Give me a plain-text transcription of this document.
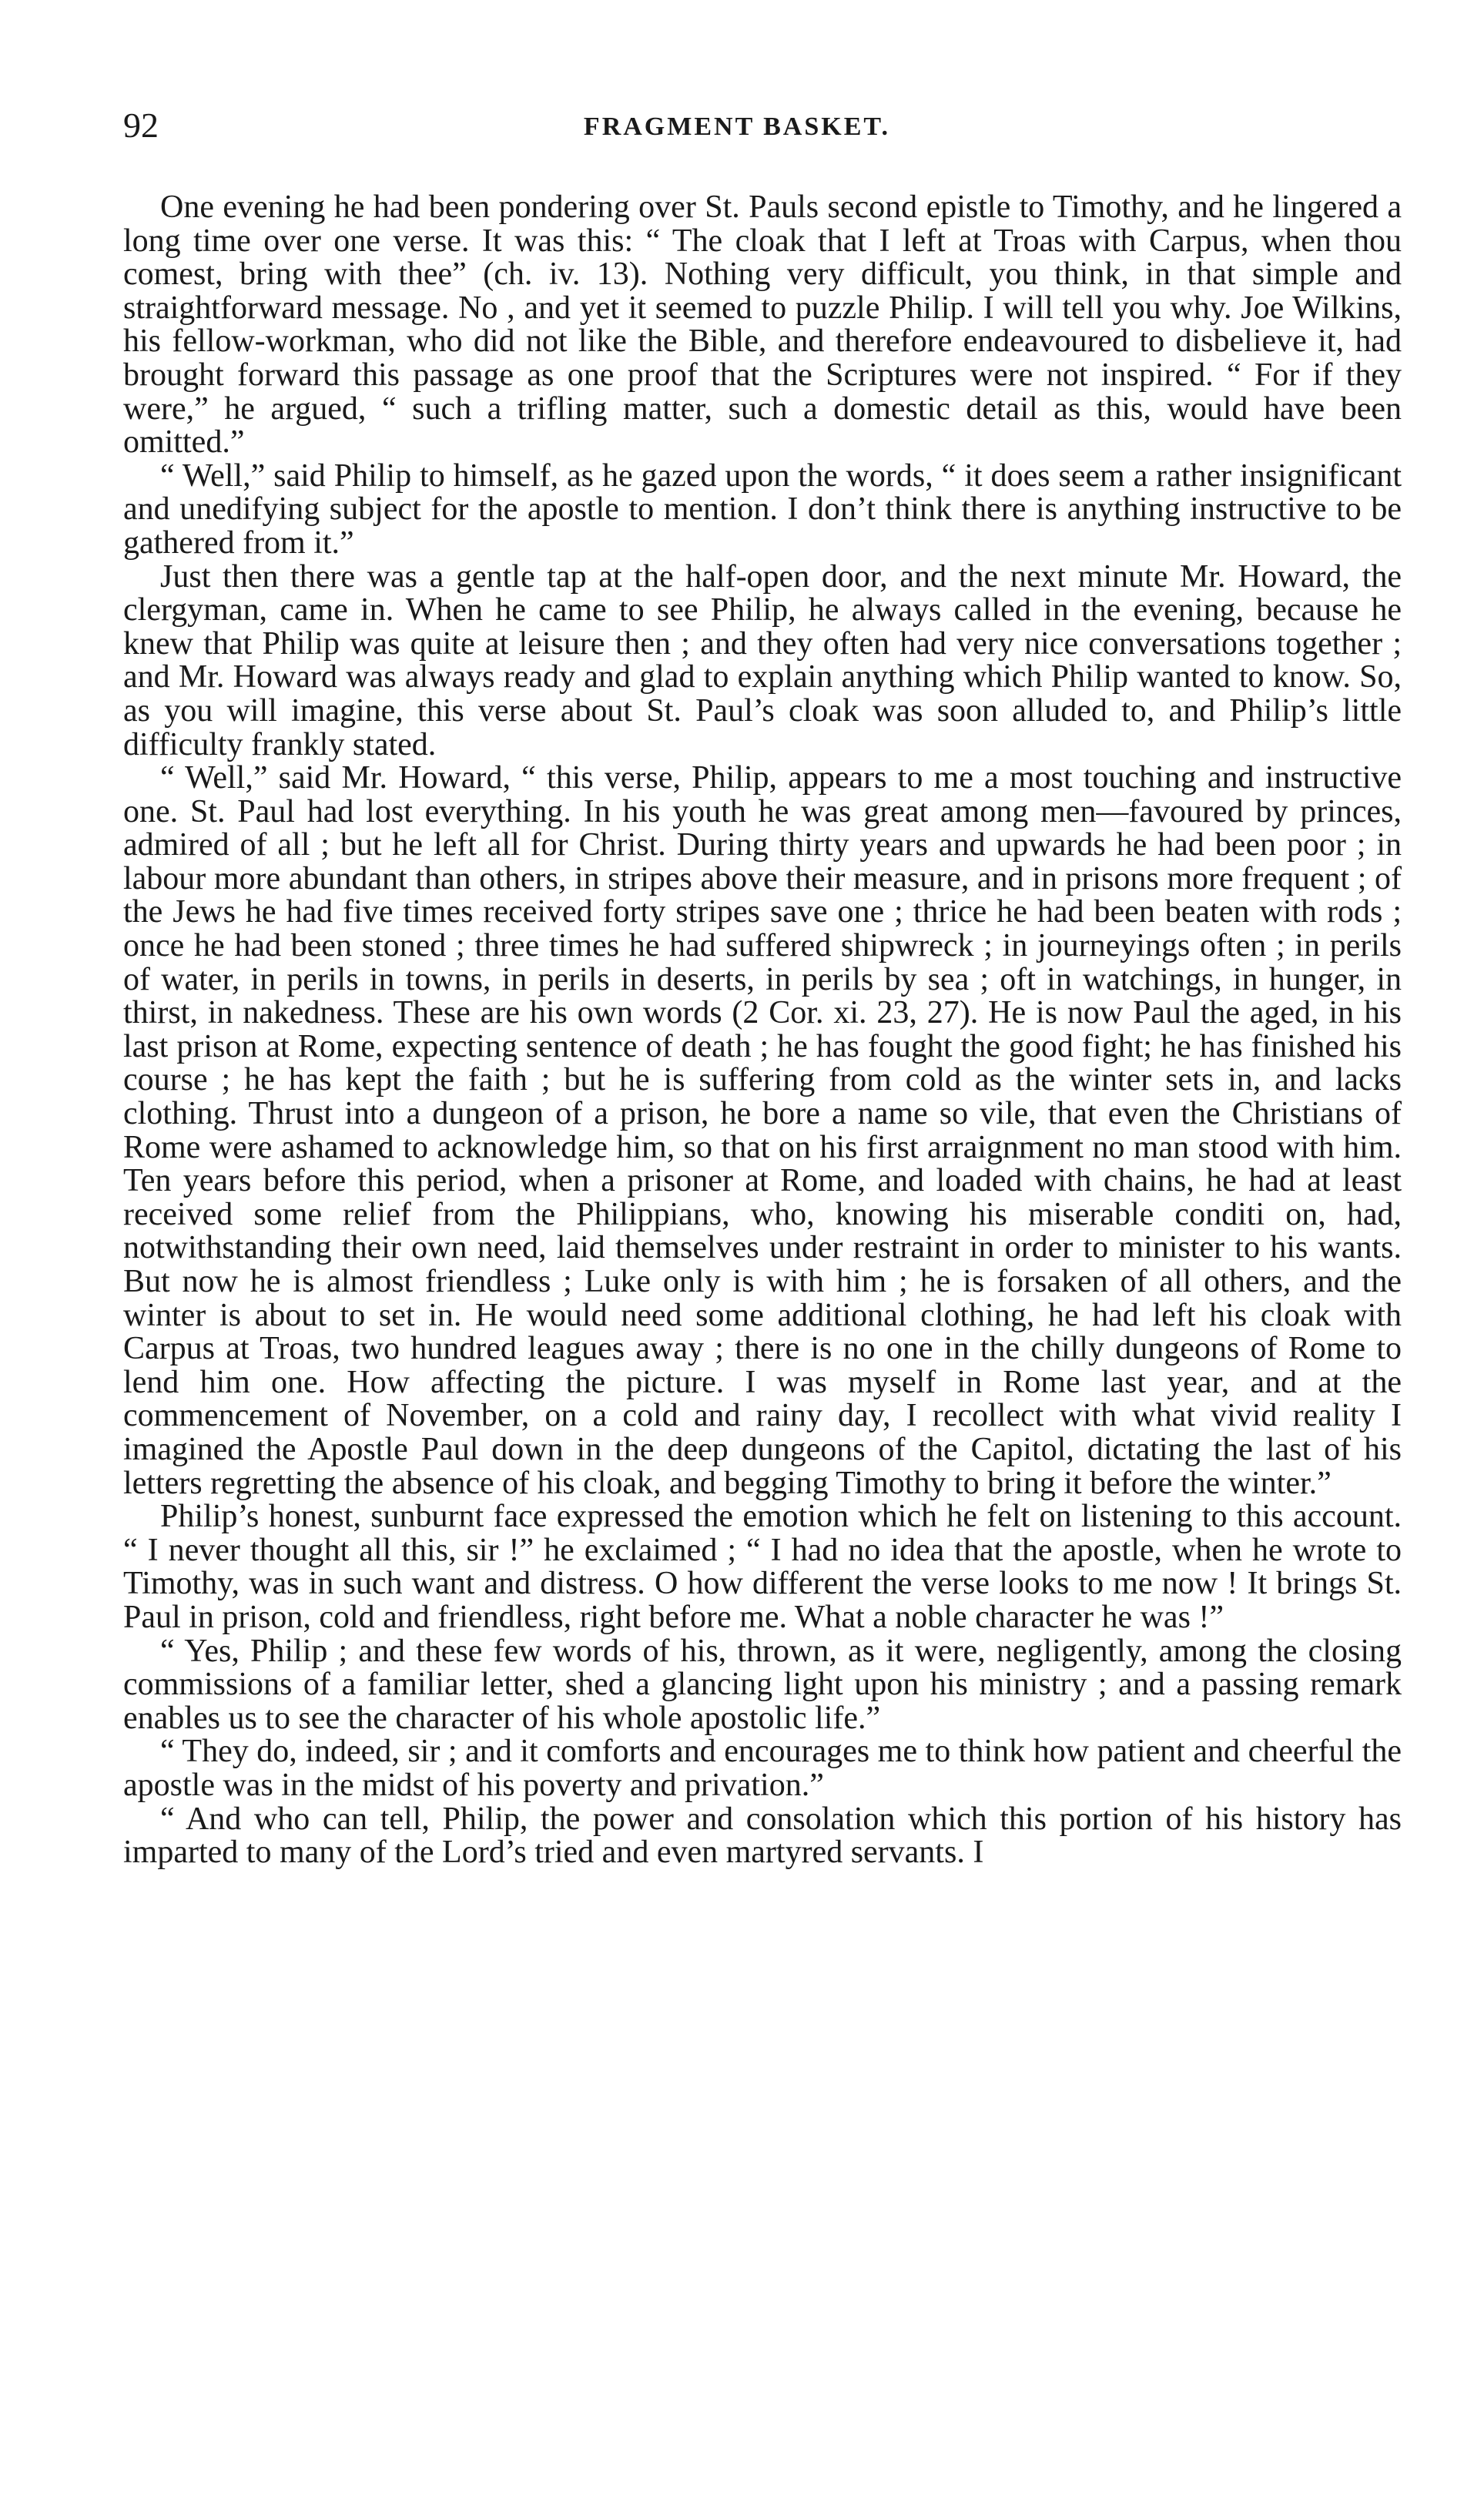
92	FRAGMENT BASKET.

One evening he had been pondering over St. Pauls second epistle to Timothy, and he lingered a long time over one verse. It was this: “ The cloak that I left at Troas with Carpus, when thou comest, bring with thee” (ch. iv. 13). Nothing very difficult, you think, in that simple and straightforward message. No , and yet it seemed to puzzle Philip. I will tell you why. Joe Wilkins, his fellow-workman, who did not like the Bible, and therefore endeavoured to disbelieve it, had brought forward this passage as one proof that the Scriptures were not inspired. “ For if they were,” he argued, “ such a trifling matter, such a domestic detail as this, would have been omitted.”

“ Well,” said Philip to himself, as he gazed upon the words, “ it does seem a rather insignificant and unedifying subject for the apostle to mention. I don’t think there is anything instructive to be gathered from it.”

Just then there was a gentle tap at the half-open door, and the next minute Mr. Howard, the clergyman, came in. When he came to see Philip, he always called in the evening, because he knew that Philip was quite at leisure then ; and they often had very nice conversations together ; and Mr. Howard was always ready and glad to explain anything which Philip wanted to know. So, as you will imagine, this verse about St. Paul’s cloak was soon alluded to, and Philip’s little difficulty frankly stated.

“ Well,” said Mr. Howard, “ this verse, Philip, appears to me a most touching and instructive one. St. Paul had lost everything. In his youth he was great among men—favoured by princes, admired of all ; but he left all for Christ. During thirty years and upwards he had been poor ; in labour more abundant than others, in stripes above their measure, and in prisons more frequent ; of the Jews he had five times received forty stripes save one ; thrice he had been beaten with rods ; once he had been stoned ; three times he had suffered shipwreck ; in journeyings often ; in perils of water, in perils in towns, in perils in deserts, in perils by sea ; oft in watchings, in hunger, in thirst, in nakedness. These are his own words (2 Cor. xi. 23, 27). He is now Paul the aged, in his last prison at Rome, expecting sentence of death ; he has fought the good fight; he has finished his course ; he has kept the faith ; but he is suffering from cold as the winter sets in, and lacks clothing. Thrust into a dungeon of a prison, he bore a name so vile, that even the Christians of Rome were ashamed to acknowledge him, so that on his first arraignment no man stood with him. Ten years before this period, when a prisoner at Rome, and loaded with chains, he had at least received some relief from the Philippians, who, knowing his miserable conditi on, had, notwithstanding their own need, laid themselves under restraint in order to minister to his wants. But now he is almost friendless ; Luke only is with him ; he is forsaken of all others, and the winter is about to set in. He would need some additional clothing, he had left his cloak with Carpus at Troas, two hundred leagues away ; there is no one in the chilly dungeons of Rome to lend him one. How affecting the picture. I was myself in Rome last year, and at the commencement of November, on a cold and rainy day, I recollect with what vivid reality I imagined the Apostle Paul down in the deep dungeons of the Capitol, dictating the last of his letters regretting the absence of his cloak, and begging Timothy to bring it before the winter.”

Philip’s honest, sunburnt face expressed the emotion which he felt on listening to this account. “ I never thought all this, sir !” he exclaimed ; “ I had no idea that the apostle, when he wrote to Timothy, was in such want and distress. O how different the verse looks to me now ! It brings St. Paul in prison, cold and friendless, right before me. What a noble character he was !”

“ Yes, Philip ; and these few words of his, thrown, as it were, negligently, among the closing commissions of a familiar letter, shed a glancing light upon his ministry ; and a passing remark enables us to see the character of his whole apostolic life.”

“ They do, indeed, sir ; and it comforts and encourages me to think how patient and cheerful the apostle was in the midst of his poverty and privation.”

“ And who can tell, Philip, the power and consolation which this portion of his history has imparted to many of the Lord’s tried and even martyred servants. I
